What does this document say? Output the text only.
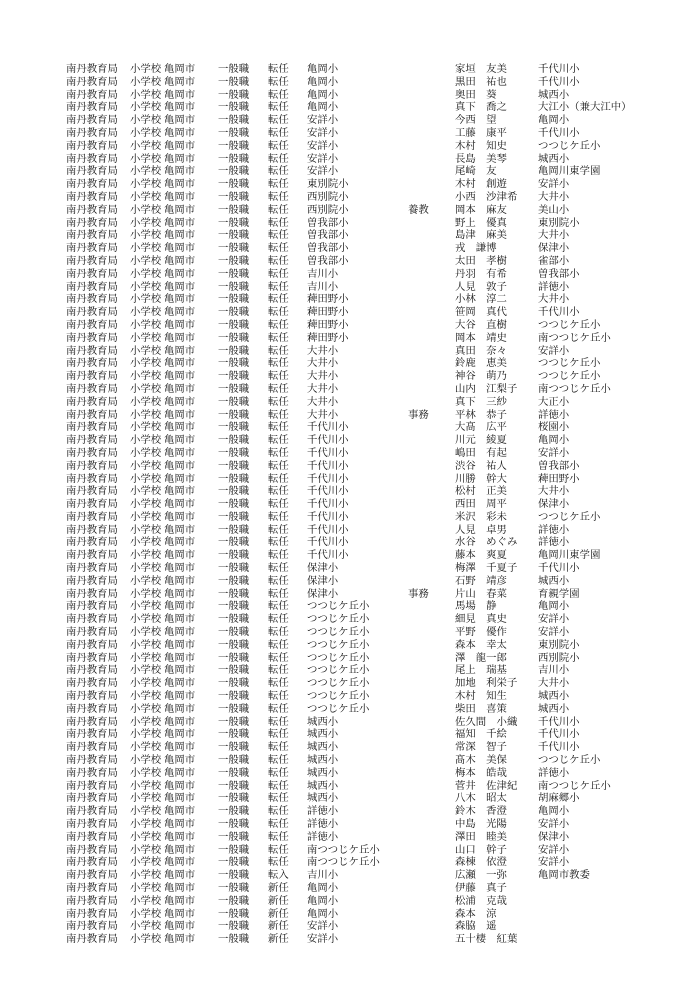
南丹教育局 小学校 亀岡市 一般職 転任 亀岡小	家垣　友美	千代川小
南丹教育局 小学校 亀岡市 一般職 転任 亀岡小	黒田　祐也	千代川小
南丹教育局 小学校 亀岡市 一般職 転任 亀岡小	奥田　葵	城西小
南丹教育局 小学校 亀岡市 一般職 転任 亀岡小	真下　喬之	大江小（兼大江中）
南丹教育局 小学校 亀岡市 一般職 転任 安詳小	今西　望	亀岡小
南丹教育局 小学校 亀岡市 一般職 転任 安詳小	工藤　康平	千代川小
南丹教育局 小学校 亀岡市 一般職 転任 安詳小	木村　知史	つつじケ丘小
南丹教育局 小学校 亀岡市 一般職 転任 安詳小	長島　美琴	城西小
南丹教育局 小学校 亀岡市 一般職 転任 安詳小	尾崎　友	亀岡川東学園
南丹教育局 小学校 亀岡市 一般職 転任 東別院小	木村　創遊	安詳小
南丹教育局 小学校 亀岡市 一般職 転任 西別院小	小西　沙津希 大井小
南丹教育局 小学校 亀岡市 一般職 転任 西別院小	養教	岡本　麻友	美山小
南丹教育局 小学校 亀岡市 一般職 転任 曽我部小	野上　優真	東別院小
南丹教育局 小学校 亀岡市 一般職 転任 曽我部小	島津　麻美	大井小
南丹教育局 小学校 亀岡市 一般職 転任 曽我部小	戎　謙博	保津小
南丹教育局 小学校 亀岡市 一般職 転任 曽我部小	太田　孝樹	雀部小
南丹教育局 小学校 亀岡市 一般職 転任 吉川小	丹羽　有希	曽我部小
南丹教育局 小学校 亀岡市 一般職 転任 吉川小	人見　敦子	詳徳小
南丹教育局 小学校 亀岡市 一般職 転任 薭田野小	小林　淳二	大井小
南丹教育局 小学校 亀岡市 一般職 転任 薭田野小	笹岡　真代	千代川小
南丹教育局 小学校 亀岡市 一般職 転任 薭田野小	大谷　直樹	つつじケ丘小
南丹教育局 小学校 亀岡市 一般職 転任 薭田野小	岡本　靖史	南つつじケ丘小
南丹教育局 小学校 亀岡市 一般職 転任 大井小	真田　奈々	安詳小
南丹教育局 小学校 亀岡市 一般職 転任 大井小	鈴鹿　恵美	つつじケ丘小
南丹教育局 小学校 亀岡市 一般職 転任 大井小	神谷　萌乃	つつじケ丘小
南丹教育局 小学校 亀岡市 一般職 転任 大井小	山内　江梨子 南つつじケ丘小
南丹教育局 小学校 亀岡市 一般職 転任 大井小	真下　三紗	大正小
南丹教育局 小学校 亀岡市 一般職 転任 大井小	事務	平林　恭子	詳徳小
南丹教育局 小学校 亀岡市 一般職 転任 千代川小	大髙　広平	桜園小
南丹教育局 小学校 亀岡市 一般職 転任 千代川小	川元　綾夏	亀岡小
南丹教育局 小学校 亀岡市 一般職 転任 千代川小	嶋田　有起	安詳小
南丹教育局 小学校 亀岡市 一般職 転任 千代川小	渋谷　祐人	曽我部小
南丹教育局 小学校 亀岡市 一般職 転任 千代川小	川勝　幹大	薭田野小
南丹教育局 小学校 亀岡市 一般職 転任 千代川小	松村　正美	大井小
南丹教育局 小学校 亀岡市 一般職 転任 千代川小	西田　周平	保津小
南丹教育局 小学校 亀岡市 一般職 転任 千代川小	米沢　彩未	つつじケ丘小
南丹教育局 小学校 亀岡市 一般職 転任 千代川小	人見　卓男	詳徳小
南丹教育局 小学校 亀岡市 一般職 転任 千代川小	水谷　めぐみ 詳徳小
南丹教育局 小学校 亀岡市 一般職 転任 千代川小	藤本　爽夏	亀岡川東学園
南丹教育局 小学校 亀岡市 一般職 転任 保津小	梅澤　千夏子 千代川小
南丹教育局 小学校 亀岡市 一般職 転任 保津小	石野　靖彦	城西小
南丹教育局 小学校 亀岡市 一般職 転任 保津小	事務	片山　春菜	育親学園
南丹教育局 小学校 亀岡市 一般職 転任 つつじケ丘小	馬場　静	亀岡小
南丹教育局 小学校 亀岡市 一般職 転任 つつじケ丘小	細見　真史	安詳小
南丹教育局 小学校 亀岡市 一般職 転任 つつじケ丘小	平野　優作	安詳小
南丹教育局 小学校 亀岡市 一般職 転任 つつじケ丘小	森本　幸太	東別院小
南丹教育局 小学校 亀岡市 一般職 転任 つつじケ丘小	澤　龍一郎	西別院小
南丹教育局 小学校 亀岡市 一般職 転任 つつじケ丘小	尾上　瑞基	吉川小
南丹教育局 小学校 亀岡市 一般職 転任 つつじケ丘小	加地　利栄子 大井小
南丹教育局 小学校 亀岡市 一般職 転任 つつじケ丘小	木村　知生	城西小
南丹教育局 小学校 亀岡市 一般職 転任 つつじケ丘小	柴田　喜策	城西小
南丹教育局 小学校 亀岡市 一般職 転任 城西小	佐久間　小織 千代川小
南丹教育局 小学校 亀岡市 一般職 転任 城西小	福知　千絵	千代川小
南丹教育局 小学校 亀岡市 一般職 転任 城西小	常深　智子	千代川小
南丹教育局 小学校 亀岡市 一般職 転任 城西小	髙木　美保	つつじケ丘小
南丹教育局 小学校 亀岡市 一般職 転任 城西小	梅本　皓哉	詳徳小
南丹教育局 小学校 亀岡市 一般職 転任 城西小	菅井　佐津紀 南つつじケ丘小
南丹教育局 小学校 亀岡市 一般職 転任 城西小	八木　昭太	胡麻郷小
南丹教育局 小学校 亀岡市 一般職 転任 詳徳小	鈴木　香澄	亀岡小
南丹教育局 小学校 亀岡市 一般職 転任 詳徳小	中島　光陽	安詳小
南丹教育局 小学校 亀岡市 一般職 転任 詳徳小	澤田　睦美	保津小
南丹教育局 小学校 亀岡市 一般職 転任 南つつじケ丘小	山口　幹子	安詳小
南丹教育局 小学校 亀岡市 一般職 転任 南つつじケ丘小	森棟　依澄	安詳小
南丹教育局 小学校 亀岡市 一般職 転入 吉川小	広瀬　一弥	亀岡市教委
南丹教育局 小学校 亀岡市 一般職 新任 亀岡小	伊藤　真子
南丹教育局 小学校 亀岡市 一般職 新任 亀岡小	松浦　克哉
南丹教育局 小学校 亀岡市 一般職 新任 亀岡小	森本　涼
南丹教育局 小学校 亀岡市 一般職 新任 安詳小	森脇　遥
南丹教育局 小学校 亀岡市 一般職 新任 安詳小	五十棲　紅葉
